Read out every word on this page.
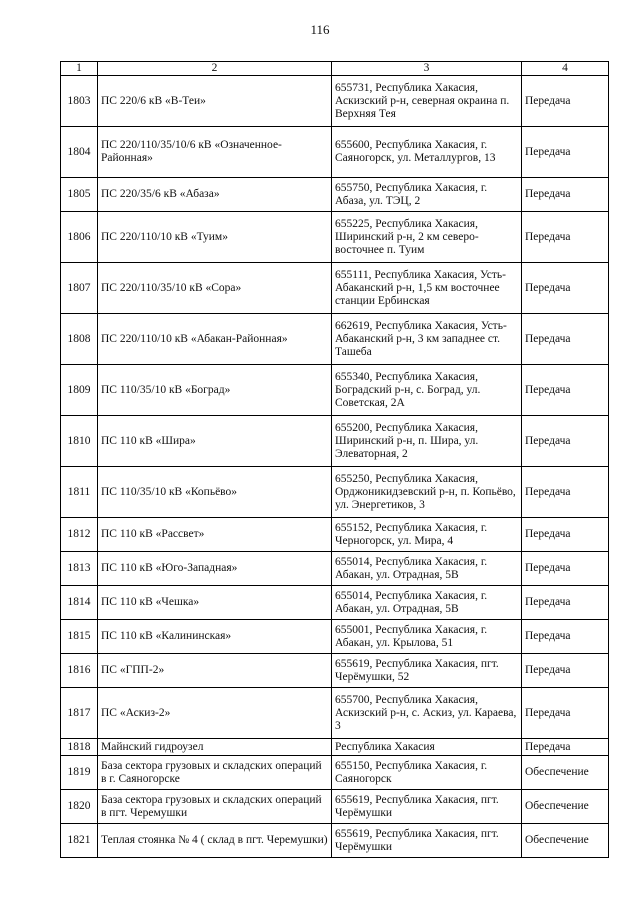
116
1	2	3	4
1803	ПС 220/6 кВ «В-Теи»	655731, Республика Хакасия, Аскизский р-н, северная окраина п. Верхняя Тея	Передача
1804	ПС 220/110/35/10/6 кВ «Означенное-Районная»	655600, Республика Хакасия, г. Саяногорск, ул. Металлургов, 13	Передача
1805	ПС 220/35/6 кВ «Абаза»	655750, Республика Хакасия, г. Абаза, ул. ТЭЦ, 2	Передача
1806	ПС 220/110/10 кВ «Туим»	655225, Республика Хакасия, Ширинский р-н, 2 км северо-восточнее п. Туим	Передача
1807	ПС 220/110/35/10 кВ «Сора»	655111, Республика Хакасия, Усть-Абаканский р-н, 1,5 км восточнее станции Ербинская	Передача
1808	ПС 220/110/10 кВ «Абакан-Районная»	662619, Республика Хакасия, Усть-Абаканский р-н, 3 км западнее ст. Ташеба	Передача
1809	ПС 110/35/10 кВ «Боград»	655340, Республика Хакасия, Боградский р-н, с. Боград, ул. Советская, 2А	Передача
1810	ПС 110 кВ «Шира»	655200, Республика Хакасия, Ширинский р-н, п. Шира, ул. Элеваторная, 2	Передача
1811	ПС 110/35/10 кВ «Копьёво»	655250, Республика Хакасия, Орджоникидзевский р-н, п. Копьёво, ул. Энергетиков, 3	Передача
1812	ПС 110 кВ «Рассвет»	655152, Республика Хакасия, г. Черногорск, ул. Мира, 4	Передача
1813	ПС 110 кВ «Юго-Западная»	655014, Республика Хакасия, г. Абакан, ул. Отрадная, 5В	Передача
1814	ПС 110 кВ «Чешка»	655014, Республика Хакасия, г. Абакан, ул. Отрадная, 5В	Передача
1815	ПС 110 кВ «Калининская»	655001, Республика Хакасия, г. Абакан, ул. Крылова, 51	Передача
1816	ПС «ГПП-2»	655619, Республика Хакасия, пгт. Черёмушки, 52	Передача
1817	ПС «Аскиз-2»	655700, Республика Хакасия, Аскизский р-н, с. Аскиз, ул. Караева, 3	Передача
1818	Майнский гидроузел	Республика Хакасия	Передача
1819	База сектора грузовых и складских операций в г. Саяногорске	655150, Республика Хакасия, г. Саяногорск	Обеспечение
1820	База сектора грузовых и складских операций в пгт. Черемушки	655619, Республика Хакасия, пгт. Черёмушки	Обеспечение
1821	Теплая стоянка № 4 ( склад в пгт. Черемушки)	655619, Республика Хакасия, пгт. Черёмушки	Обеспечение
